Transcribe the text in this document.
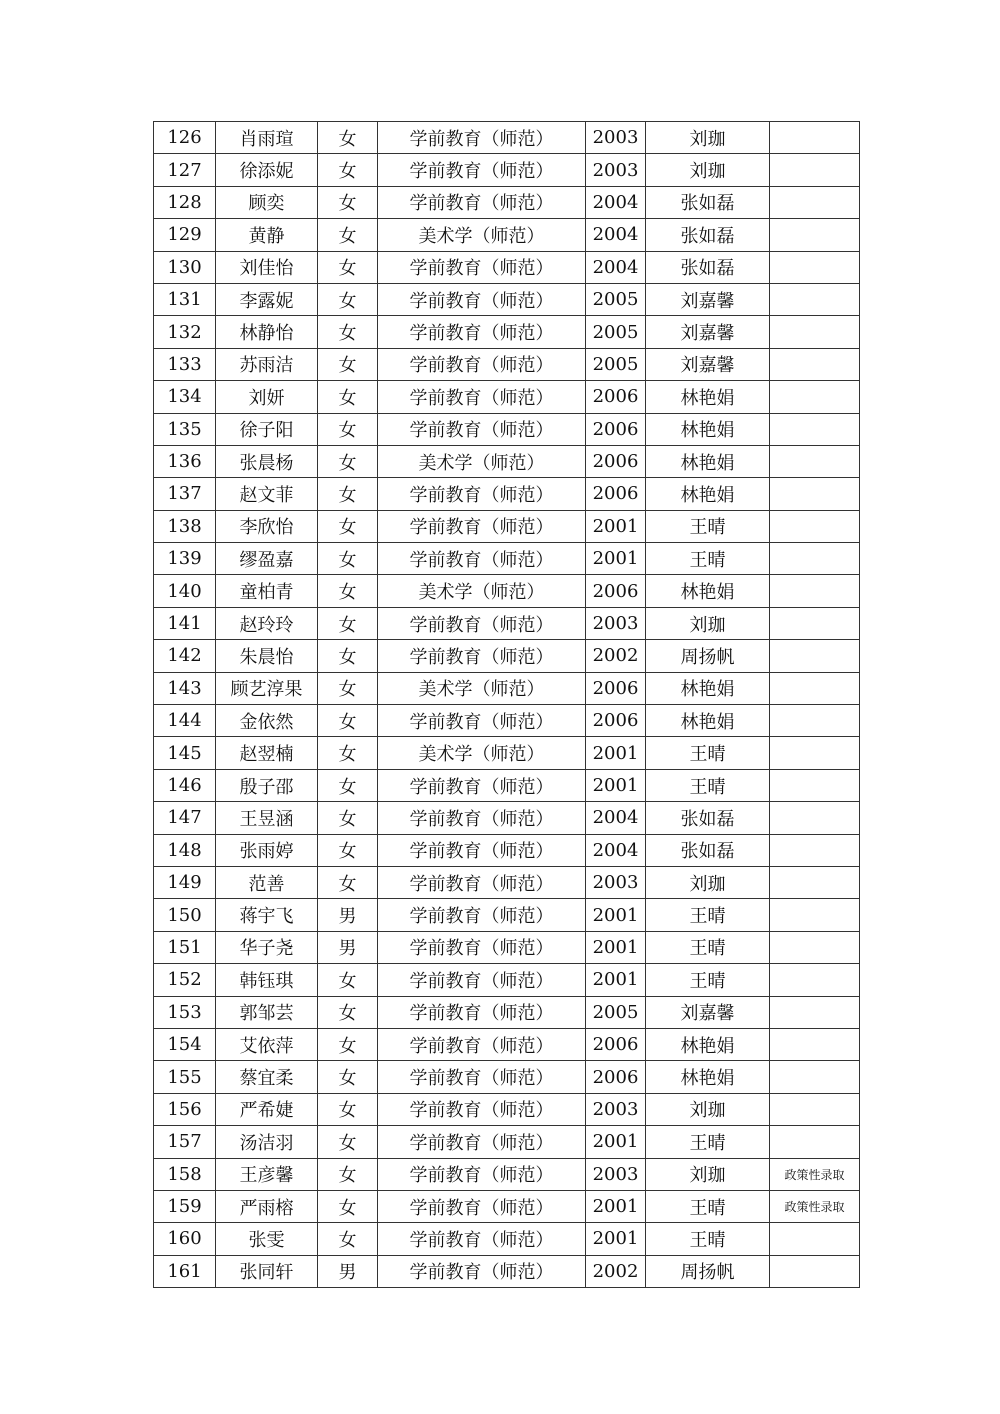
126	肖雨瑄	女	学前教育（师范）	2003	刘珈	
127	徐添妮	女	学前教育（师范）	2003	刘珈	
128	顾奕	女	学前教育（师范）	2004	张如磊	
129	黄静	女	美术学（师范）	2004	张如磊	
130	刘佳怡	女	学前教育（师范）	2004	张如磊	
131	李露妮	女	学前教育（师范）	2005	刘嘉馨	
132	林静怡	女	学前教育（师范）	2005	刘嘉馨	
133	苏雨洁	女	学前教育（师范）	2005	刘嘉馨	
134	刘妍	女	学前教育（师范）	2006	林艳娟	
135	徐子阳	女	学前教育（师范）	2006	林艳娟	
136	张晨杨	女	美术学（师范）	2006	林艳娟	
137	赵文菲	女	学前教育（师范）	2006	林艳娟	
138	李欣怡	女	学前教育（师范）	2001	王晴	
139	缪盈嘉	女	学前教育（师范）	2001	王晴	
140	童柏青	女	美术学（师范）	2006	林艳娟	
141	赵玲玲	女	学前教育（师范）	2003	刘珈	
142	朱晨怡	女	学前教育（师范）	2002	周扬帆	
143	顾艺淳果	女	美术学（师范）	2006	林艳娟	
144	金依然	女	学前教育（师范）	2006	林艳娟	
145	赵翌楠	女	美术学（师范）	2001	王晴	
146	殷子邵	女	学前教育（师范）	2001	王晴	
147	王昱涵	女	学前教育（师范）	2004	张如磊	
148	张雨婷	女	学前教育（师范）	2004	张如磊	
149	范善	女	学前教育（师范）	2003	刘珈	
150	蒋宇飞	男	学前教育（师范）	2001	王晴	
151	华子尧	男	学前教育（师范）	2001	王晴	
152	韩钰琪	女	学前教育（师范）	2001	王晴	
153	郭邹芸	女	学前教育（师范）	2005	刘嘉馨	
154	艾依萍	女	学前教育（师范）	2006	林艳娟	
155	蔡宜柔	女	学前教育（师范）	2006	林艳娟	
156	严希婕	女	学前教育（师范）	2003	刘珈	
157	汤洁羽	女	学前教育（师范）	2001	王晴	
158	王彦馨	女	学前教育（师范）	2003	刘珈	政策性录取
159	严雨榕	女	学前教育（师范）	2001	王晴	政策性录取
160	张雯	女	学前教育（师范）	2001	王晴	
161	张同轩	男	学前教育（师范）	2002	周扬帆	
